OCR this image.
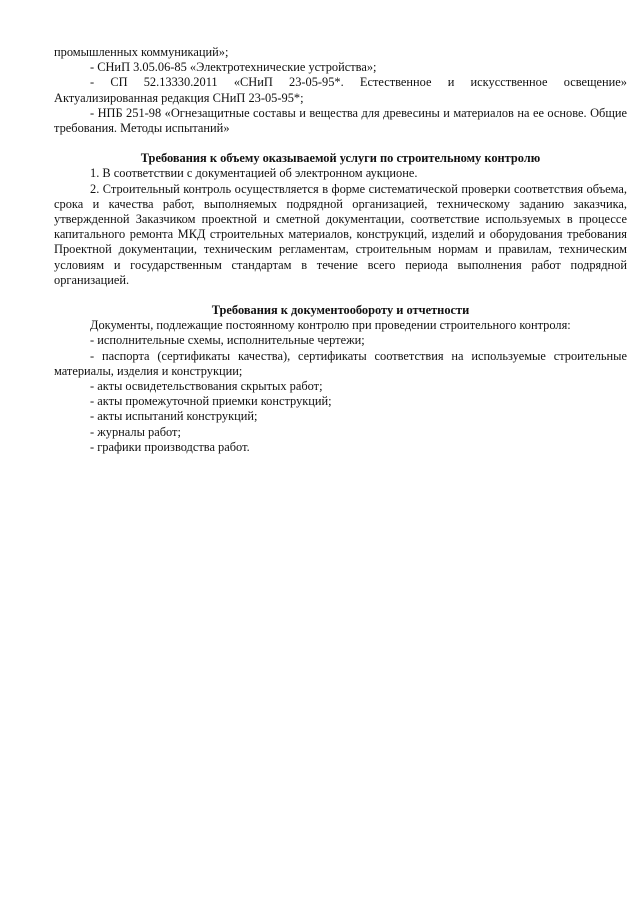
промышленных коммуникаций»;

- СНиП 3.05.06-85 «Электротехнические устройства»;

- СП 52.13330.2011 «СНиП 23-05-95*. Естественное и искусственное освещение» Актуализированная редакция СНиП 23-05-95*;

- НПБ 251-98 «Огнезащитные составы и вещества для древесины и материалов на ее основе. Общие требования. Методы испытаний»

Требования к объему оказываемой услуги по строительному контролю

1. В соответствии с документацией об электронном аукционе.

2. Строительный контроль осуществляется в форме систематической проверки соответствия объема, срока и качества работ, выполняемых подрядной организацией, техническому заданию заказчика, утвержденной Заказчиком проектной и сметной документации, соответствие используемых в процессе капитального ремонта МКД строительных материалов, конструкций, изделий и оборудования требования Проектной документации, техническим регламентам, строительным нормам и правилам, техническим условиям и государственным стандартам в течение всего периода выполнения работ подрядной организацией.

Требования к документообороту и отчетности

Документы, подлежащие постоянному контролю при проведении строительного контроля:

- исполнительные схемы, исполнительные чертежи;

- паспорта (сертификаты качества), сертификаты соответствия на используемые строительные материалы, изделия и конструкции;

- акты освидетельствования скрытых работ;

- акты промежуточной приемки конструкций;

- акты испытаний конструкций;

- журналы работ;

- графики производства работ.
